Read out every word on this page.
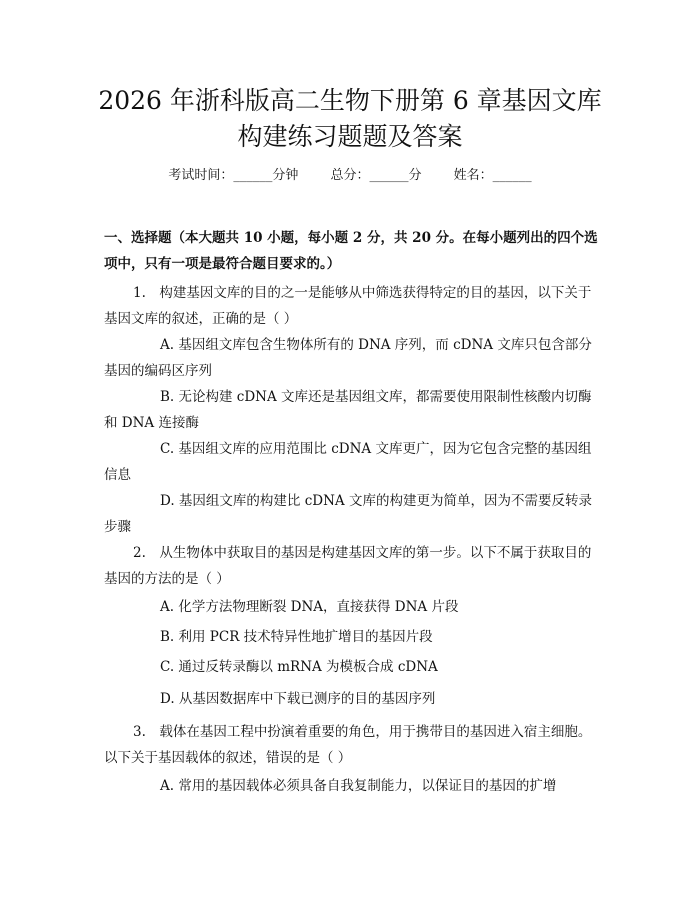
2026 年浙科版高二生物下册第 6 章基因文库
构建练习题题及答案
考试时间：______分钟 总分：______分 姓名：______
一、选择题（本大题共 10 小题，每小题 2 分，共 20 分。在每小题列出的四个选项中，只有一项是最符合题目要求的。）
1.　构建基因文库的目的之一是能够从中筛选获得特定的目的基因，以下关于基因文库的叙述，正确的是（ ）
A. 基因组文库包含生物体所有的 DNA 序列，而 cDNA 文库只包含部分基因的编码区序列
B. 无论构建 cDNA 文库还是基因组文库，都需要使用限制性核酸内切酶和 DNA 连接酶
C. 基因组文库的应用范围比 cDNA 文库更广，因为它包含完整的基因组信息
D. 基因组文库的构建比 cDNA 文库的构建更为简单，因为不需要反转录步骤
2.　从生物体中获取目的基因是构建基因文库的第一步。以下不属于获取目的基因的方法的是（ ）
A. 化学方法物理断裂 DNA，直接获得 DNA 片段
B. 利用 PCR 技术特异性地扩增目的基因片段
C. 通过反转录酶以 mRNA 为模板合成 cDNA
D. 从基因数据库中下载已测序的目的基因序列
3.　载体在基因工程中扮演着重要的角色，用于携带目的基因进入宿主细胞。以下关于基因载体的叙述，错误的是（ ）
A. 常用的基因载体必须具备自我复制能力，以保证目的基因的扩增
